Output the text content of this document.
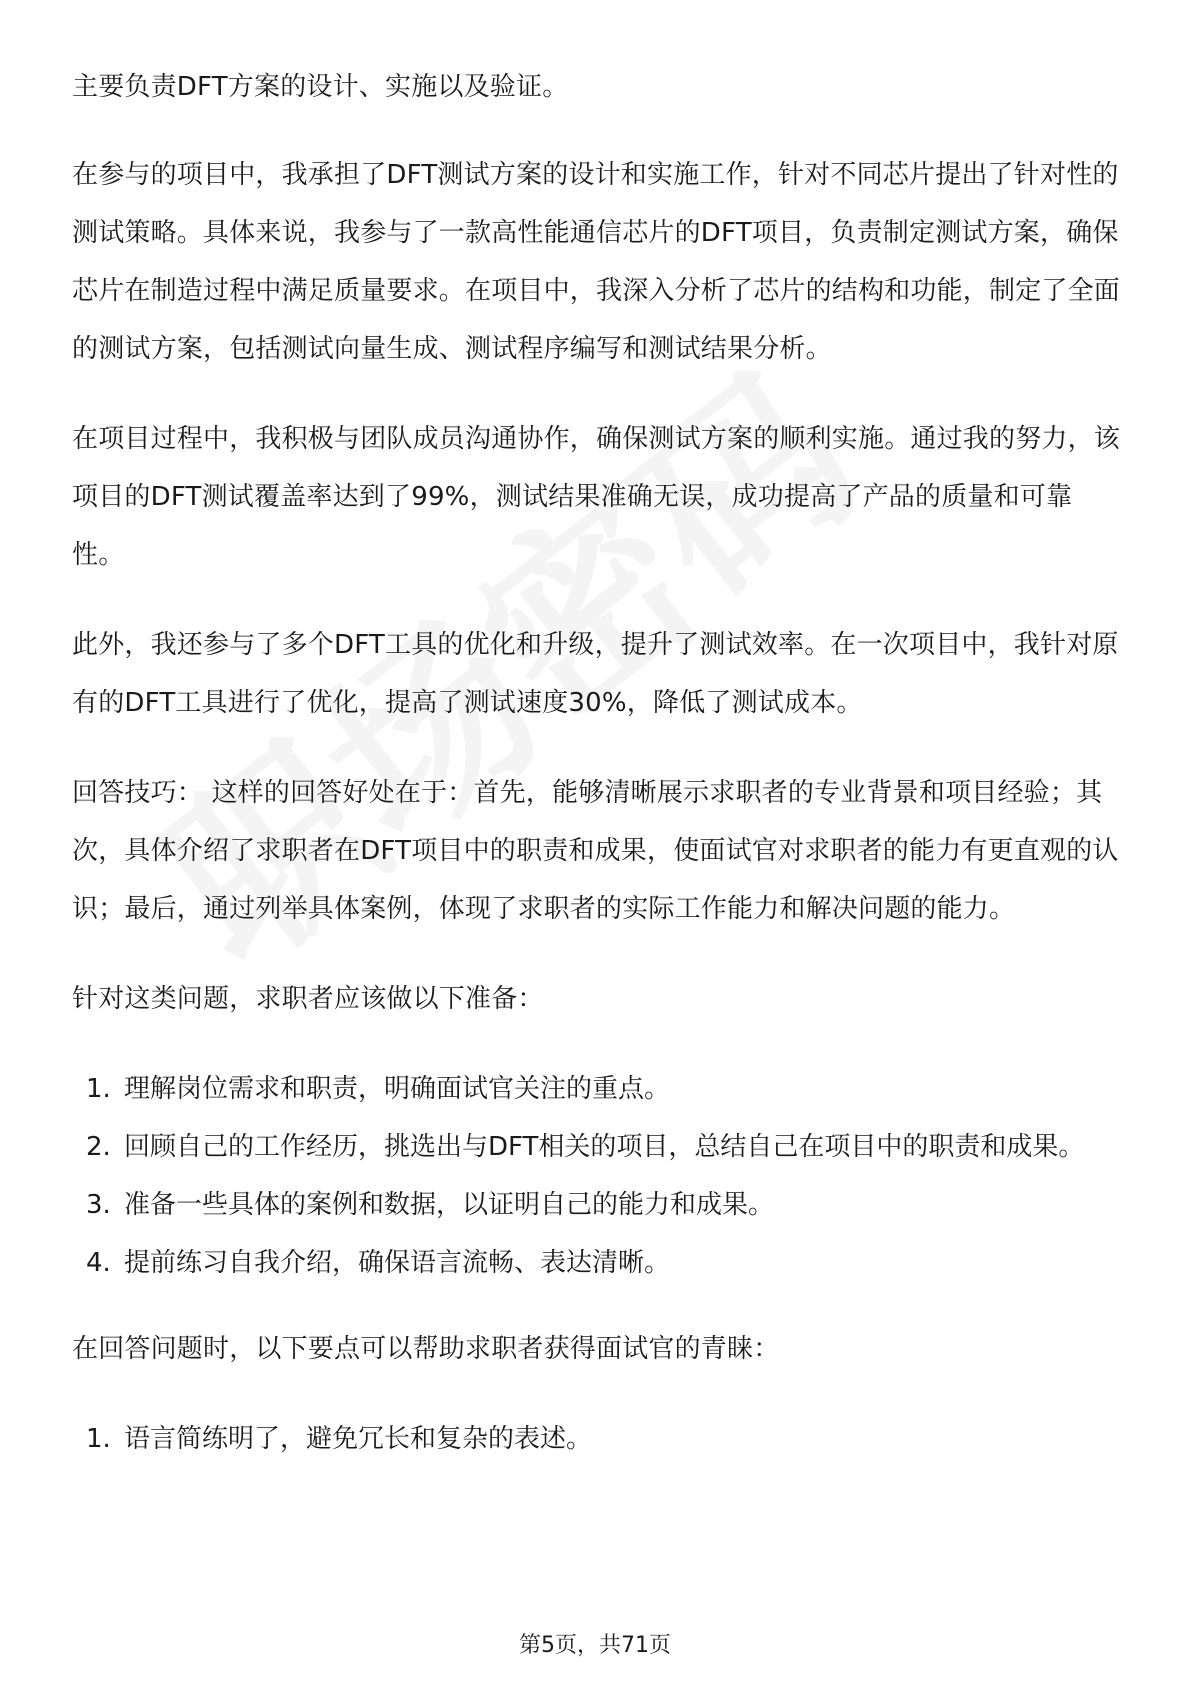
主要负责DFT方案的设计、实施以及验证。

在参与的项目中，我承担了DFT测试方案的设计和实施工作，针对不同芯片提出了针对性的测试策略。具体来说，我参与了一款高性能通信芯片的DFT项目，负责制定测试方案，确保芯片在制造过程中满足质量要求。在项目中，我深入分析了芯片的结构和功能，制定了全面的测试方案，包括测试向量生成、测试程序编写和测试结果分析。

在项目过程中，我积极与团队成员沟通协作，确保测试方案的顺利实施。通过我的努力，该项目的DFT测试覆盖率达到了99%，测试结果准确无误，成功提高了产品的质量和可靠性。

此外，我还参与了多个DFT工具的优化和升级，提升了测试效率。在一次项目中，我针对原有的DFT工具进行了优化，提高了测试速度30%，降低了测试成本。

回答技巧： 这样的回答好处在于：首先，能够清晰展示求职者的专业背景和项目经验；其次，具体介绍了求职者在DFT项目中的职责和成果，使面试官对求职者的能力有更直观的认识；最后，通过列举具体案例，体现了求职者的实际工作能力和解决问题的能力。

针对这类问题，求职者应该做以下准备：

1. 理解岗位需求和职责，明确面试官关注的重点。
2. 回顾自己的工作经历，挑选出与DFT相关的项目，总结自己在项目中的职责和成果。
3. 准备一些具体的案例和数据，以证明自己的能力和成果。
4. 提前练习自我介绍，确保语言流畅、表达清晰。

在回答问题时，以下要点可以帮助求职者获得面试官的青睐：

1. 语言简练明了，避免冗长和复杂的表述。
第5页，共71页
